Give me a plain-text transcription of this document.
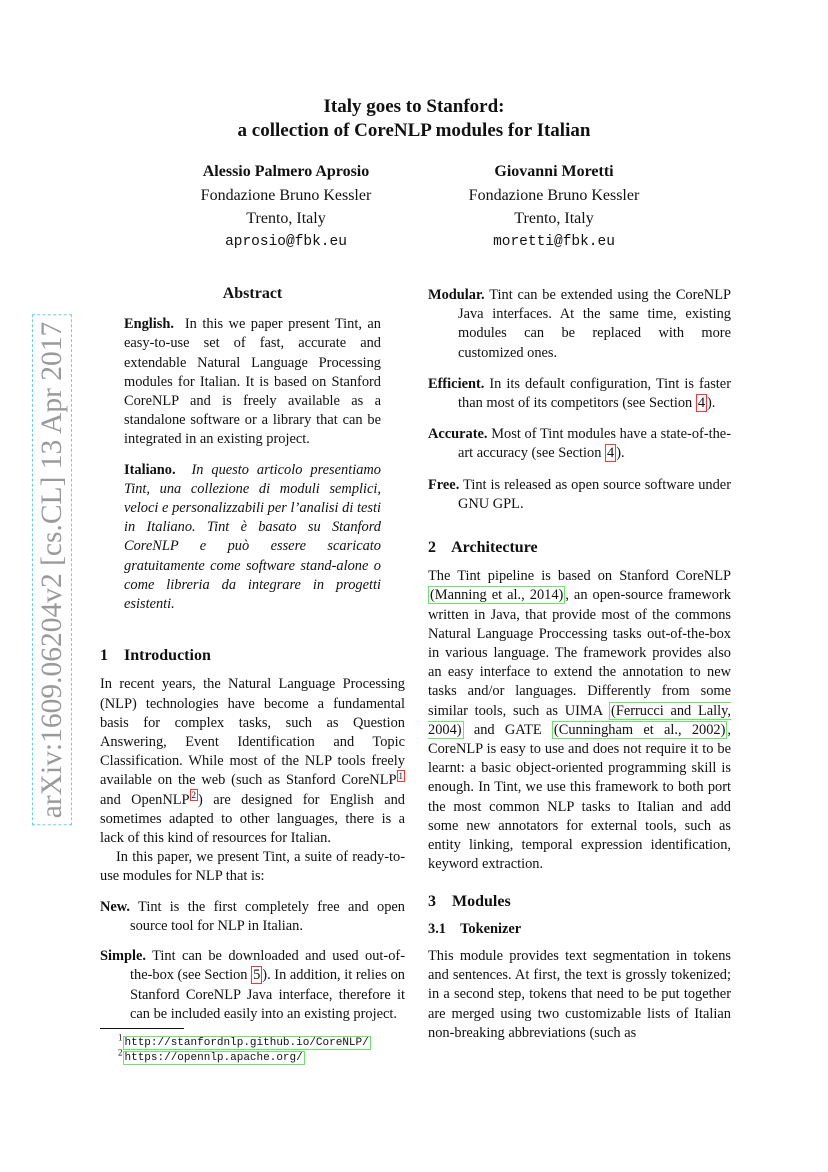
arXiv:1609.06204v2 [cs.CL] 13 Apr 2017
Italy goes to Stanford:
a collection of CoreNLP modules for Italian
Alessio Palmero Aprosio
Fondazione Bruno Kessler
Trento, Italy
aprosio@fbk.eu
Giovanni Moretti
Fondazione Bruno Kessler
Trento, Italy
moretti@fbk.eu
Abstract

English. In this we paper present Tint, an easy-to-use set of fast, accurate and extendable Natural Language Processing modules for Italian. It is based on Stanford CoreNLP and is freely available as a standalone software or a library that can be integrated in an existing project.

Italiano. In questo articolo presentiamo Tint, una collezione di moduli semplici, veloci e personalizzabili per l’analisi di testi in Italiano. Tint è basato su Stanford CoreNLP e può essere scaricato gratuitamente come software stand-alone o come libreria da integrare in progetti esistenti.

1 Introduction

In recent years, the Natural Language Processing (NLP) technologies have become a fundamental basis for complex tasks, such as Question Answering, Event Identification and Topic Classification. While most of the NLP tools freely available on the web (such as Stanford CoreNLP $^1$ and OpenNLP $^2$ ) are designed for English and sometimes adapted to other languages, there is a lack of this kind of resources for Italian.

In this paper, we present Tint, a suite of ready-to-use modules for NLP that is:

New. Tint is the first completely free and open source tool for NLP in Italian.

Simple. Tint can be downloaded and used out-of-the-box (see Section 5 ). In addition, it relies on Stanford CoreNLP Java interface, therefore it can be included easily into an existing project.

$^1$ http://stanfordnlp.github.io/CoreNLP/
$^2$ https://opennlp.apache.org/

Modular. Tint can be extended using the CoreNLP Java interfaces. At the same time, existing modules can be replaced with more customized ones.

Efficient. In its default configuration, Tint is faster than most of its competitors (see Section 4 ).

Accurate. Most of Tint modules have a state-of-the-art accuracy (see Section 4 ).

Free. Tint is released as open source software under GNU GPL.

2 Architecture

The Tint pipeline is based on Stanford CoreNLP (Manning et al., 2014) , an open-source framework written in Java, that provide most of the commons Natural Language Proccessing tasks out-of-the-box in various language. The framework provides also an easy interface to extend the annotation to new tasks and/or languages. Differently from some similar tools, such as UIMA (Ferrucci and Lally, 2004) and GATE (Cunningham et al., 2002) , CoreNLP is easy to use and does not require it to be learnt: a basic object-oriented programming skill is enough. In Tint, we use this framework to both port the most common NLP tasks to Italian and add some new annotators for external tools, such as entity linking, temporal expression identification, keyword extraction.

3 Modules
3.1 Tokenizer

This module provides text segmentation in tokens and sentences. At first, the text is grossly tokenized; in a second step, tokens that need to be put together are merged using two customizable lists of Italian non-breaking abbreviations (such as
